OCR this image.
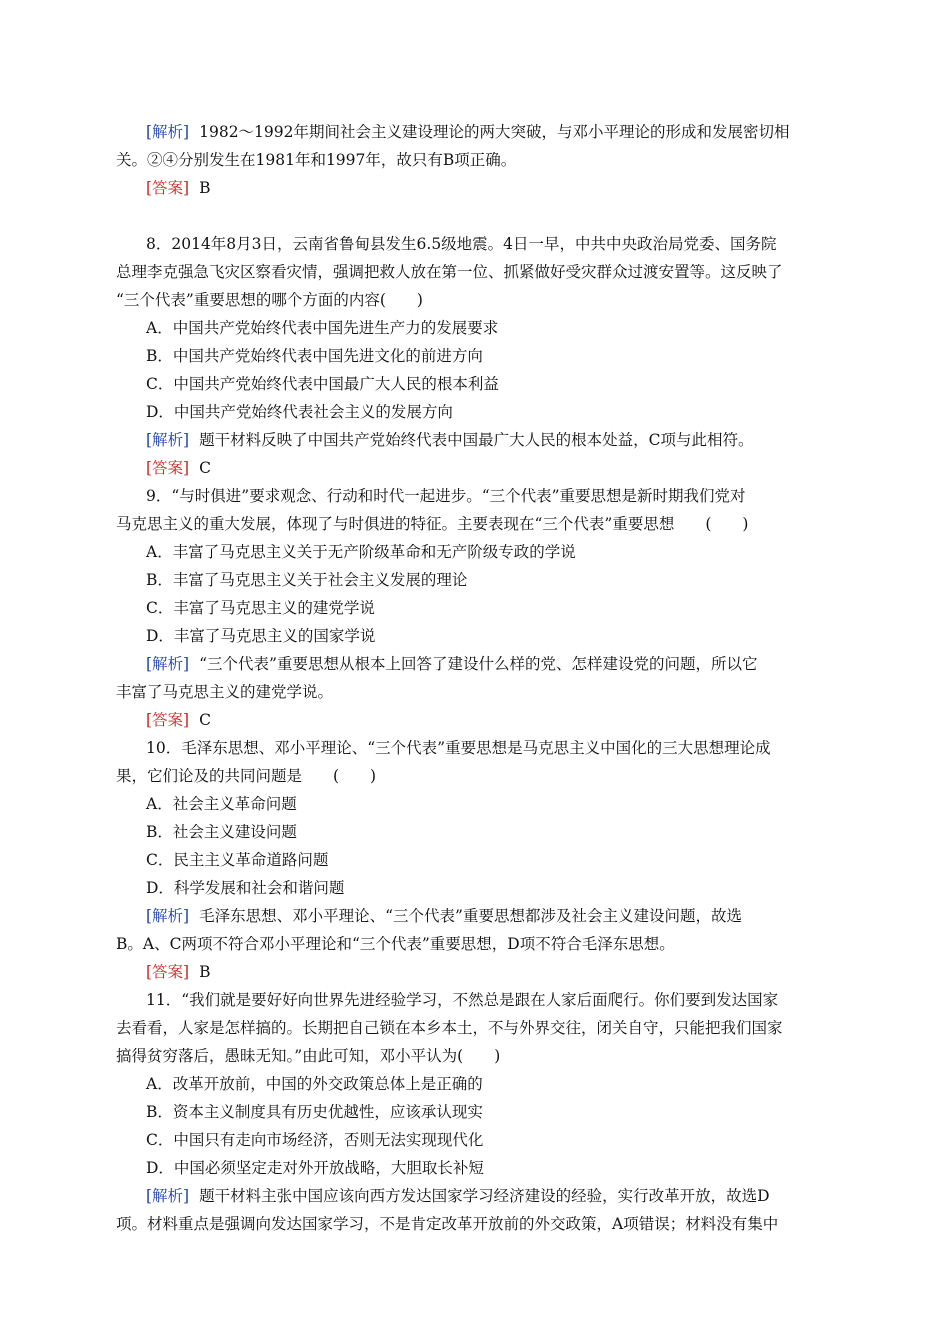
[解析] 1982～1992年期间社会主义建设理论的两大突破，与邓小平理论的形成和发展密切相
关。②④分别发生在1981年和1997年，故只有B项正确。
[答案] B
8．2014年8月3日，云南省鲁甸县发生6.5级地震。4日一早，中共中央政治局党委、国务院
总理李克强急飞灾区察看灾情，强调把救人放在第一位、抓紧做好受灾群众过渡安置等。这反映了
“三个代表”重要思想的哪个方面的内容(　　)
A．中国共产党始终代表中国先进生产力的发展要求
B．中国共产党始终代表中国先进文化的前进方向
C．中国共产党始终代表中国最广大人民的根本利益
D．中国共产党始终代表社会主义的发展方向
[解析] 题干材料反映了中国共产党始终代表中国最广大人民的根本处益，C项与此相符。
[答案] C
9．“与时俱进”要求观念、行动和时代一起进步。“三个代表”重要思想是新时期我们党对
马克思主义的重大发展，体现了与时俱进的特征。主要表现在“三个代表”重要思想　　(　　)
A．丰富了马克思主义关于无产阶级革命和无产阶级专政的学说
B．丰富了马克思主义关于社会主义发展的理论
C．丰富了马克思主义的建党学说
D．丰富了马克思主义的国家学说
[解析] “三个代表”重要思想从根本上回答了建设什么样的党、怎样建设党的问题，所以它
丰富了马克思主义的建党学说。
[答案] C
10．毛泽东思想、邓小平理论、“三个代表”重要思想是马克思主义中国化的三大思想理论成
果，它们论及的共同问题是　　(　　)
A．社会主义革命问题
B．社会主义建设问题
C．民主主义革命道路问题
D．科学发展和社会和谐问题
[解析] 毛泽东思想、邓小平理论、“三个代表”重要思想都涉及社会主义建设问题，故选
B。A、C两项不符合邓小平理论和“三个代表”重要思想，D项不符合毛泽东思想。
[答案] B
11．“我们就是要好好向世界先进经验学习，不然总是跟在人家后面爬行。你们要到发达国家
去看看，人家是怎样搞的。长期把自己锁在本乡本土，不与外界交往，闭关自守，只能把我们国家
搞得贫穷落后，愚昧无知。”由此可知，邓小平认为(　　)
A．改革开放前，中国的外交政策总体上是正确的
B．资本主义制度具有历史优越性，应该承认现实
C．中国只有走向市场经济，否则无法实现现代化
D．中国必须坚定走对外开放战略，大胆取长补短
[解析] 题干材料主张中国应该向西方发达国家学习经济建设的经验，实行改革开放，故选D
项。材料重点是强调向发达国家学习，不是肯定改革开放前的外交政策，A项错误；材料没有集中
